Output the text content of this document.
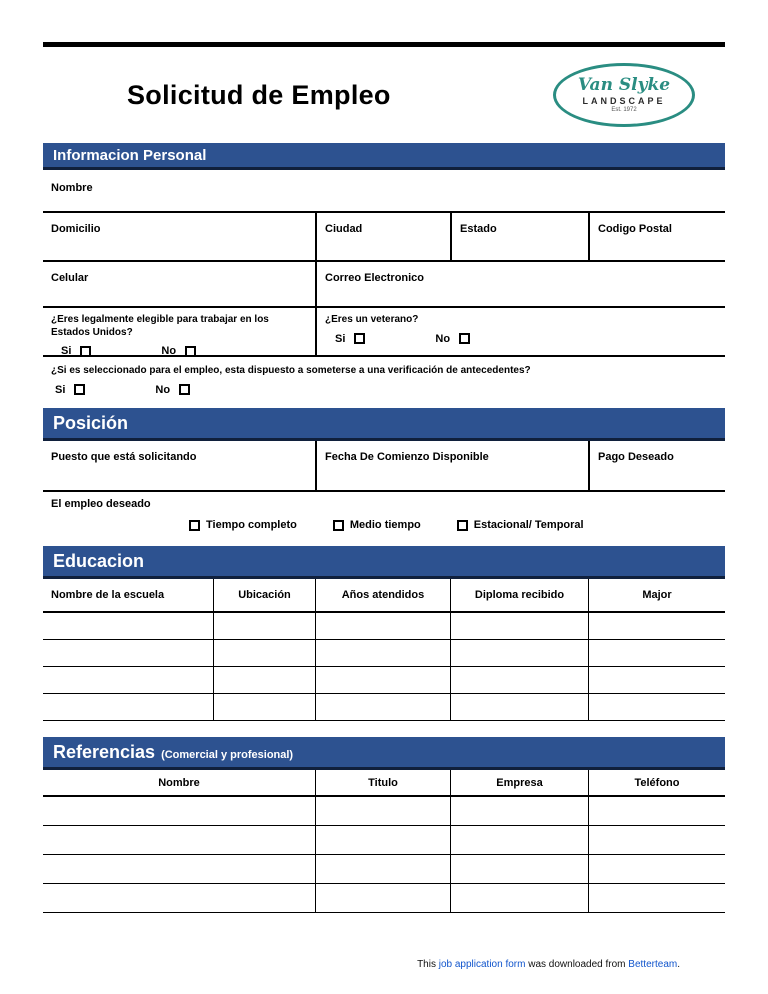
Solicitud de Empleo	Van Slyke
LANDSCAPE
Est. 1972
Informacion Personal
Nombre
Domicilio	Ciudad	Estado	Codigo Postal
Celular	Correo Electronico
¿Eres legalmente elegible para trabajar en los Estados Unidos?
Si	No
¿Eres un veterano?
Si	No
¿Si es seleccionado para el empleo, esta dispuesto a someterse a una verificación de antecedentes?
Si	No
Posición
Puesto que está solicitando	Fecha De Comienzo Disponible	Pago Deseado
El empleo deseado
Tiempo completo	Medio tiempo	Estacional/ Temporal
Educacion
Nombre de la escuela	Ubicación	Años atendidos	Diploma recibido	Major
Referencias (Comercial y profesional)
Nombre	Titulo	Empresa	Teléfono
This job application form was downloaded from Betterteam.
